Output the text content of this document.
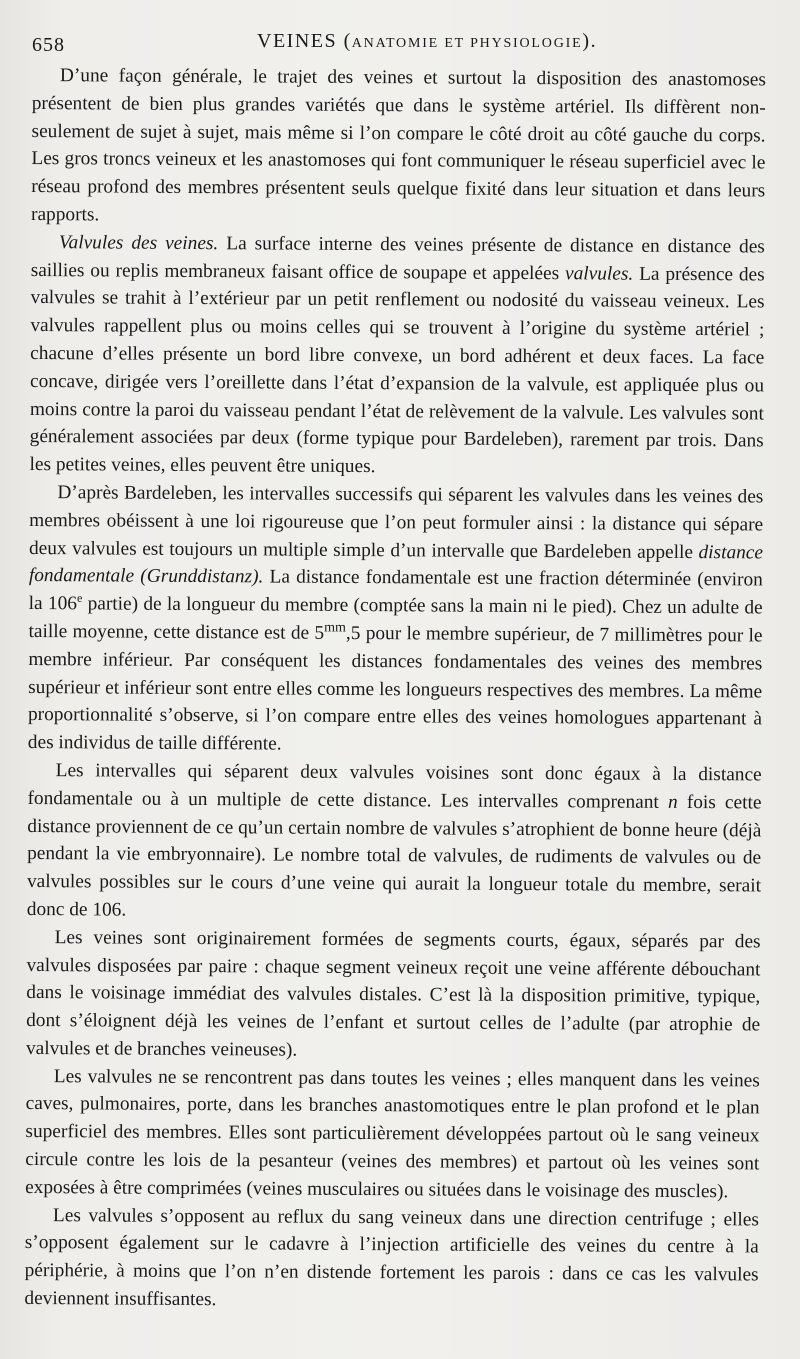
658	VEINES (ANATOMIE ET PHYSIOLOGIE).

D’une façon générale, le trajet des veines et surtout la disposition des anastomoses présentent de bien plus grandes variétés que dans le système artériel. Ils diffèrent non-seulement de sujet à sujet, mais même si l’on compare le côté droit au côté gauche du corps. Les gros troncs veineux et les anastomoses qui font communiquer le réseau superficiel avec le réseau profond des membres présentent seuls quelque fixité dans leur situation et dans leurs rapports.

Valvules des veines. La surface interne des veines présente de distance en distance des saillies ou replis membraneux faisant office de soupape et appelées valvules. La présence des valvules se trahit à l’extérieur par un petit renflement ou nodosité du vaisseau veineux. Les valvules rappellent plus ou moins celles qui se trouvent à l’origine du système artériel ; chacune d’elles présente un bord libre convexe, un bord adhérent et deux faces. La face concave, dirigée vers l’oreillette dans l’état d’expansion de la valvule, est appliquée plus ou moins contre la paroi du vaisseau pendant l’état de relèvement de la valvule. Les valvules sont généralement associées par deux (forme typique pour Bardeleben), rarement par trois. Dans les petites veines, elles peuvent être uniques.

D’après Bardeleben, les intervalles successifs qui séparent les valvules dans les veines des membres obéissent à une loi rigoureuse que l’on peut formuler ainsi : la distance qui sépare deux valvules est toujours un multiple simple d’un intervalle que Bardeleben appelle distance fondamentale (Grunddistanz). La distance fondamentale est une fraction déterminée (environ la 106e partie) de la longueur du membre (comptée sans la main ni le pied). Chez un adulte de taille moyenne, cette distance est de $5^{mm},5$ pour le membre supérieur, de 7 millimètres pour le membre inférieur. Par conséquent les distances fondamentales des veines des membres supérieur et inférieur sont entre elles comme les longueurs respectives des membres. La même proportionnalité s’observe, si l’on compare entre elles des veines homologues appartenant à des individus de taille différente.

Les intervalles qui séparent deux valvules voisines sont donc égaux à la distance fondamentale ou à un multiple de cette distance. Les intervalles comprenant n fois cette distance proviennent de ce qu’un certain nombre de valvules s’atrophient de bonne heure (déjà pendant la vie embryonnaire). Le nombre total de valvules, de rudiments de valvules ou de valvules possibles sur le cours d’une veine qui aurait la longueur totale du membre, serait donc de 106.

Les veines sont originairement formées de segments courts, égaux, séparés par des valvules disposées par paire : chaque segment veineux reçoit une veine afférente débouchant dans le voisinage immédiat des valvules distales. C’est là la disposition primitive, typique, dont s’éloignent déjà les veines de l’enfant et surtout celles de l’adulte (par atrophie de valvules et de branches veineuses).

Les valvules ne se rencontrent pas dans toutes les veines ; elles manquent dans les veines caves, pulmonaires, porte, dans les branches anastomotiques entre le plan profond et le plan superficiel des membres. Elles sont particulièrement développées partout où le sang veineux circule contre les lois de la pesanteur (veines des membres) et partout où les veines sont exposées à être comprimées (veines musculaires ou situées dans le voisinage des muscles).

Les valvules s’opposent au reflux du sang veineux dans une direction centrifuge ; elles s’opposent également sur le cadavre à l’injection artificielle des veines du centre à la périphérie, à moins que l’on n’en distende fortement les parois : dans ce cas les valvules deviennent insuffisantes.
